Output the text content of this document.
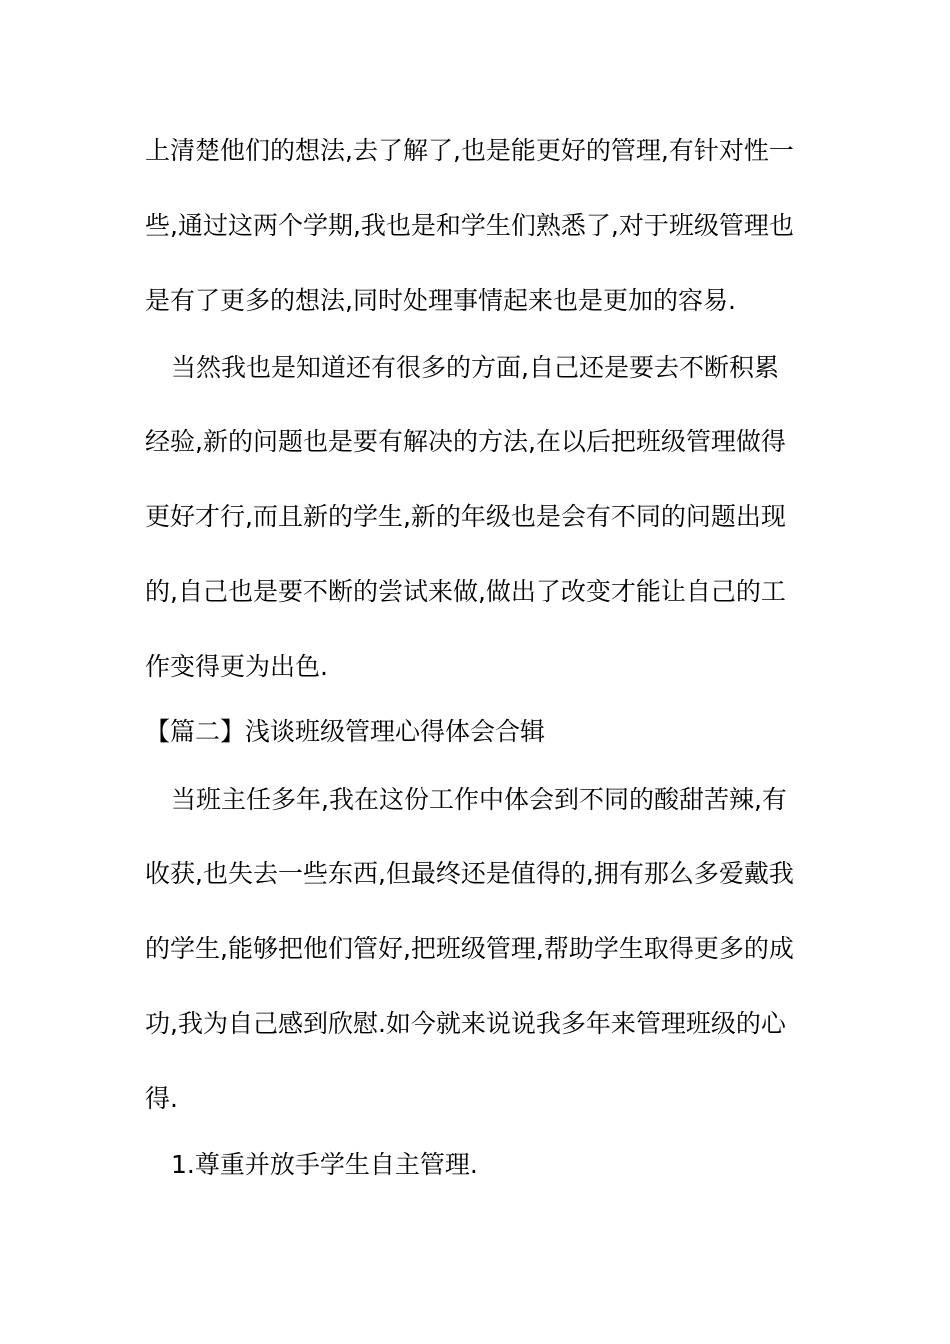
上清楚他们的想法,去了解了,也是能更好的管理,有针对性一
些,通过这两个学期,我也是和学生们熟悉了,对于班级管理也
是有了更多的想法,同时处理事情起来也是更加的容易.
当然我也是知道还有很多的方面,自己还是要去不断积累
经验,新的问题也是要有解决的方法,在以后把班级管理做得
更好才行,而且新的学生,新的年级也是会有不同的问题出现
的,自己也是要不断的尝试来做,做出了改变才能让自己的工
作变得更为出色.
【篇二】浅谈班级管理心得体会合辑
当班主任多年,我在这份工作中体会到不同的酸甜苦辣,有
收获,也失去一些东西,但最终还是值得的,拥有那么多爱戴我
的学生,能够把他们管好,把班级管理,帮助学生取得更多的成
功,我为自己感到欣慰.如今就来说说我多年来管理班级的心
得.
1.尊重并放手学生自主管理.
